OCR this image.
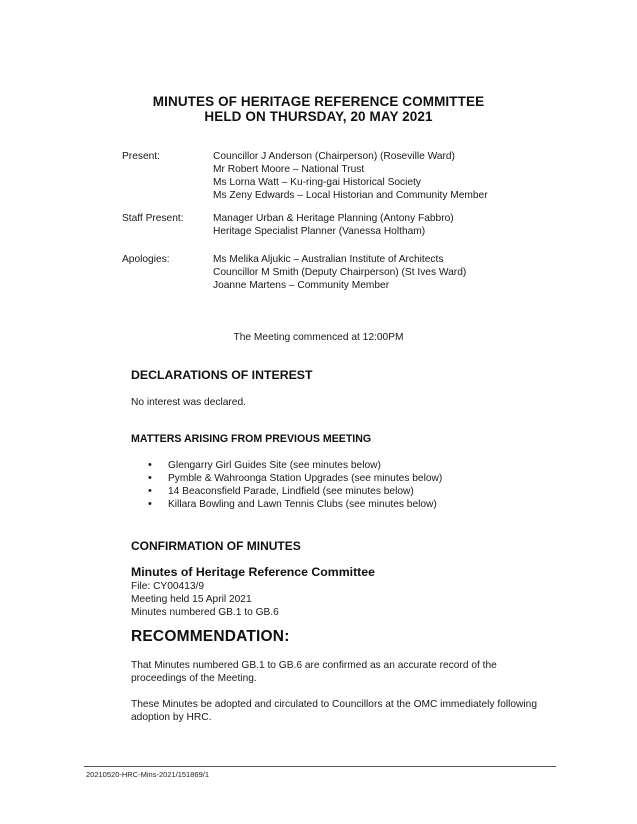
MINUTES OF HERITAGE REFERENCE COMMITTEE
HELD ON THURSDAY, 20 MAY 2021
Present:	Councillor J Anderson (Chairperson) (Roseville Ward)
Mr Robert Moore – National Trust
Ms Lorna Watt – Ku-ring-gai Historical Society
Ms Zeny Edwards – Local Historian and Community Member
Staff Present:	Manager Urban & Heritage Planning (Antony Fabbro)
Heritage Specialist Planner (Vanessa Holtham)
Apologies:	Ms Melika Aljukic – Australian Institute of Architects
Councillor M Smith (Deputy Chairperson) (St Ives Ward)
Joanne Martens – Community Member
The Meeting commenced at 12:00PM
DECLARATIONS OF INTEREST
No interest was declared.
MATTERS ARISING FROM PREVIOUS MEETING
• Glengarry Girl Guides Site (see minutes below)
• Pymble & Wahroonga Station Upgrades (see minutes below)
• 14 Beaconsfield Parade, Lindfield (see minutes below)
• Killara Bowling and Lawn Tennis Clubs (see minutes below)
CONFIRMATION OF MINUTES
Minutes of Heritage Reference Committee
File: CY00413/9
Meeting held 15 April 2021
Minutes numbered GB.1 to GB.6
RECOMMENDATION:
That Minutes numbered GB.1 to GB.6 are confirmed as an accurate record of the proceedings of the Meeting.
These Minutes be adopted and circulated to Councillors at the OMC immediately following adoption by HRC.
20210520-HRC-Mins-2021/151869/1
